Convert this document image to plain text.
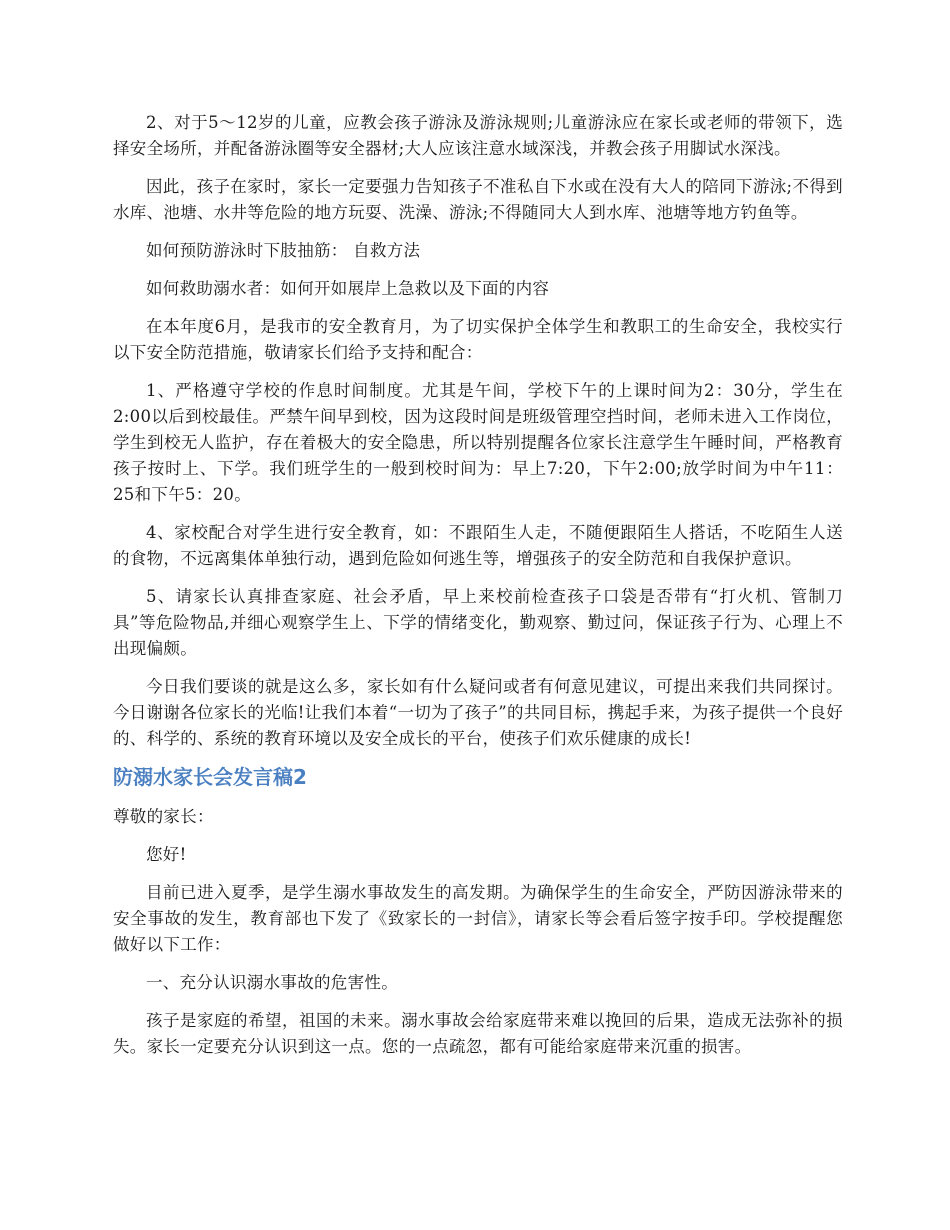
2、对于5～12岁的儿童，应教会孩子游泳及游泳规则;儿童游泳应在家长或老师的带领下，选择安全场所，并配备游泳圈等安全器材;大人应该注意水域深浅，并教会孩子用脚试水深浅。

因此，孩子在家时，家长一定要强力告知孩子不准私自下水或在没有大人的陪同下游泳;不得到水库、池塘、水井等危险的地方玩耍、洗澡、游泳;不得随同大人到水库、池塘等地方钓鱼等。

如何预防游泳时下肢抽筋： 自救方法

如何救助溺水者：如何开如展岸上急救以及下面的内容

在本年度6月，是我市的安全教育月，为了切实保护全体学生和教职工的生命安全，我校实行以下安全防范措施，敬请家长们给予支持和配合：

1、严格遵守学校的作息时间制度。尤其是午间，学校下午的上课时间为2：30分，学生在2:00以后到校最佳。严禁午间早到校，因为这段时间是班级管理空挡时间，老师未进入工作岗位，学生到校无人监护，存在着极大的安全隐患，所以特别提醒各位家长注意学生午睡时间，严格教育孩子按时上、下学。我们班学生的一般到校时间为：早上7:20，下午2:00;放学时间为中午11：25和下午5：20。

4、家校配合对学生进行安全教育，如：不跟陌生人走，不随便跟陌生人搭话，不吃陌生人送的食物，不远离集体单独行动，遇到危险如何逃生等，增强孩子的安全防范和自我保护意识。

5、请家长认真排查家庭、社会矛盾，早上来校前检查孩子口袋是否带有“打火机、管制刀具”等危险物品,并细心观察学生上、下学的情绪变化，勤观察、勤过问，保证孩子行为、心理上不出现偏颇。

今日我们要谈的就是这么多，家长如有什么疑问或者有何意见建议，可提出来我们共同探讨。今日谢谢各位家长的光临!让我们本着“一切为了孩子”的共同目标，携起手来，为孩子提供一个良好的、科学的、系统的教育环境以及安全成长的平台，使孩子们欢乐健康的成长!

防溺水家长会发言稿2

尊敬的家长：

您好!

目前已进入夏季，是学生溺水事故发生的高发期。为确保学生的生命安全，严防因游泳带来的安全事故的发生，教育部也下发了《致家长的一封信》，请家长等会看后签字按手印。学校提醒您做好以下工作：

一、充分认识溺水事故的危害性。

孩子是家庭的希望，祖国的未来。溺水事故会给家庭带来难以挽回的后果，造成无法弥补的损失。家长一定要充分认识到这一点。您的一点疏忽，都有可能给家庭带来沉重的损害。
